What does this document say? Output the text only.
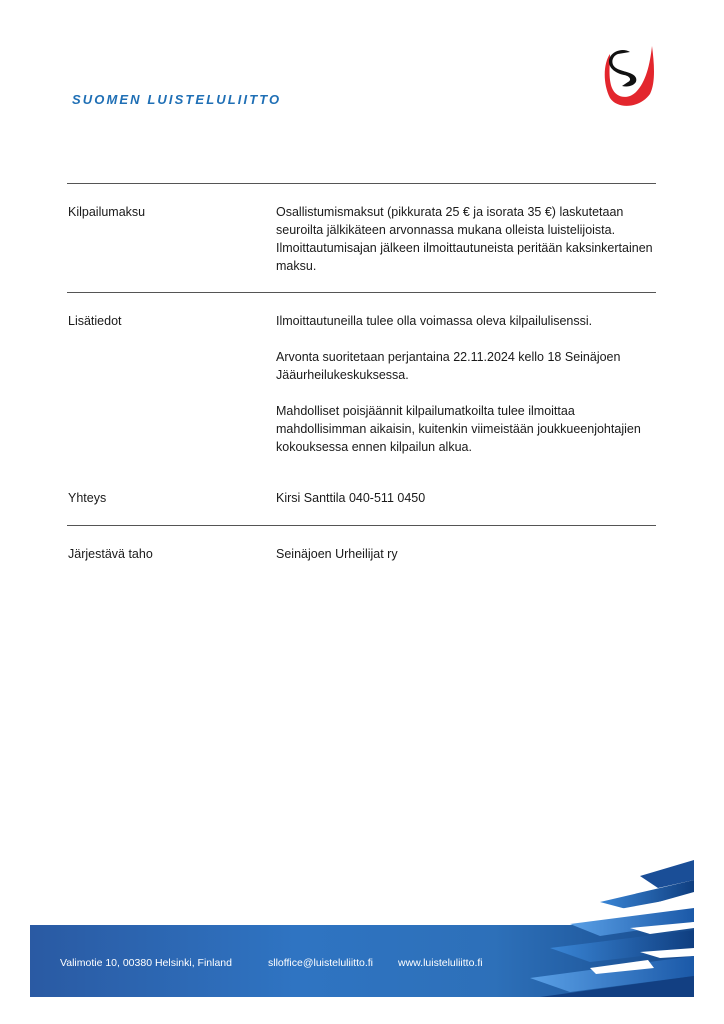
SUOMEN LUISTELULIITTO
Kilpailumaksu	Osallistumismaksut (pikkurata 25 € ja isorata 35 €) laskutetaan seuroilta jälkikäteen arvonnassa mukana olleista luistelijoista. Ilmoittautumisajan jälkeen ilmoittautuneista peritään kaksinkertainen maksu.

Lisätiedot	Ilmoittautuneilla tulee olla voimassa oleva kilpailulisenssi.

Arvonta suoritetaan perjantaina 22.11.2024 kello 18 Seinäjoen Jääurheilukeskuksessa.

Mahdolliset poisjäännit kilpailumatkoilta tulee ilmoittaa mahdollisimman aikaisin, kuitenkin viimeistään joukkueenjohtajien kokouksessa ennen kilpailun alkua.

Yhteys	Kirsi Santtila 040-511 0450

Järjestävä taho	Seinäjoen Urheilijat ry

Valimotie 10, 00380 Helsinki, Finland	slloffice@luisteluliitto.fi www.luisteluliitto.fi
